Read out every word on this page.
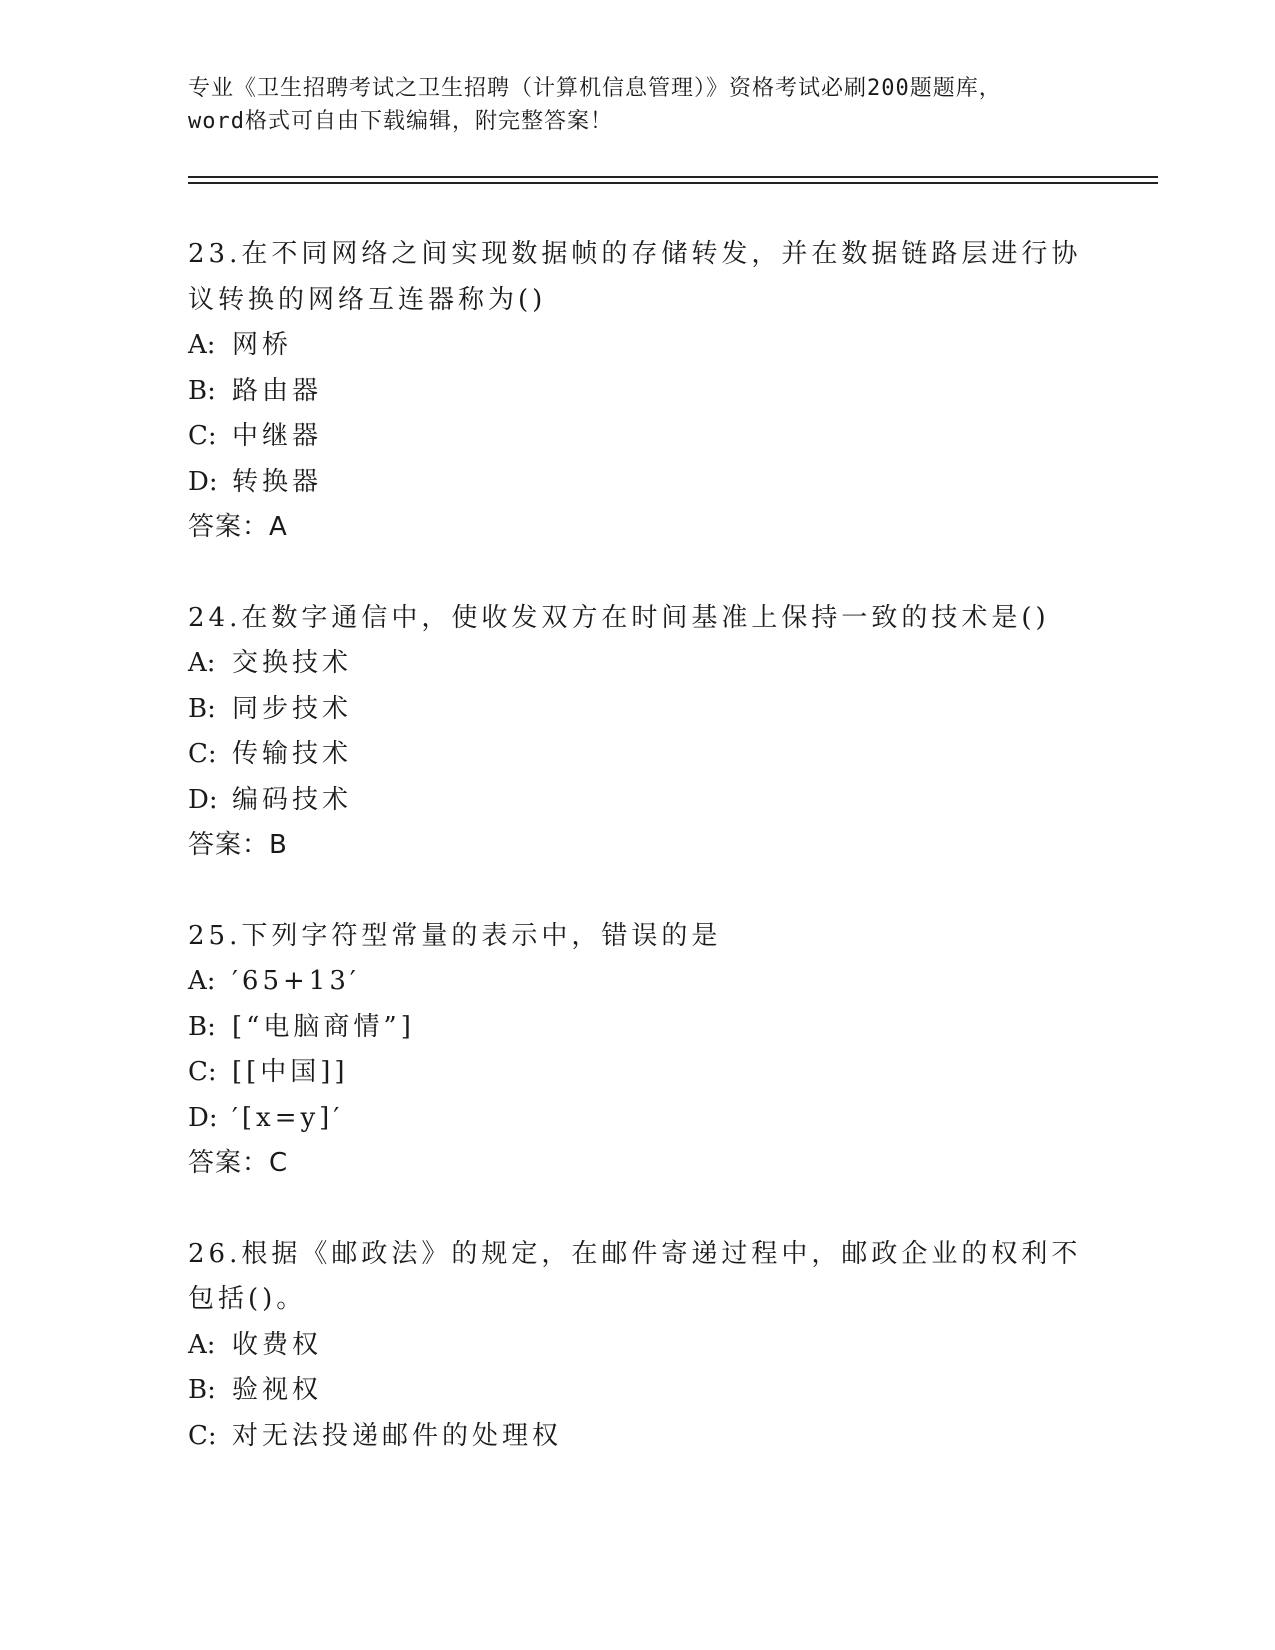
专业《卫生招聘考试之卫生招聘（计算机信息管理）》资格考试必刷200题题库，
word格式可自由下载编辑，附完整答案！
23.在不同网络之间实现数据帧的存储转发，并在数据链路层进行协议转换的网络互连器称为()
A: 网桥
B: 路由器
C: 中继器
D: 转换器
答案：A
24.在数字通信中，使收发双方在时间基准上保持一致的技术是()
A: 交换技术
B: 同步技术
C: 传输技术
D: 编码技术
答案：B
25.下列字符型常量的表示中，错误的是
A: ′65+13′
B: [“电脑商情”]
C: [[中国]]
D: ′[x=y]′
答案：C
26.根据《邮政法》的规定，在邮件寄递过程中，邮政企业的权利不包括()。
A: 收费权
B: 验视权
C: 对无法投递邮件的处理权
